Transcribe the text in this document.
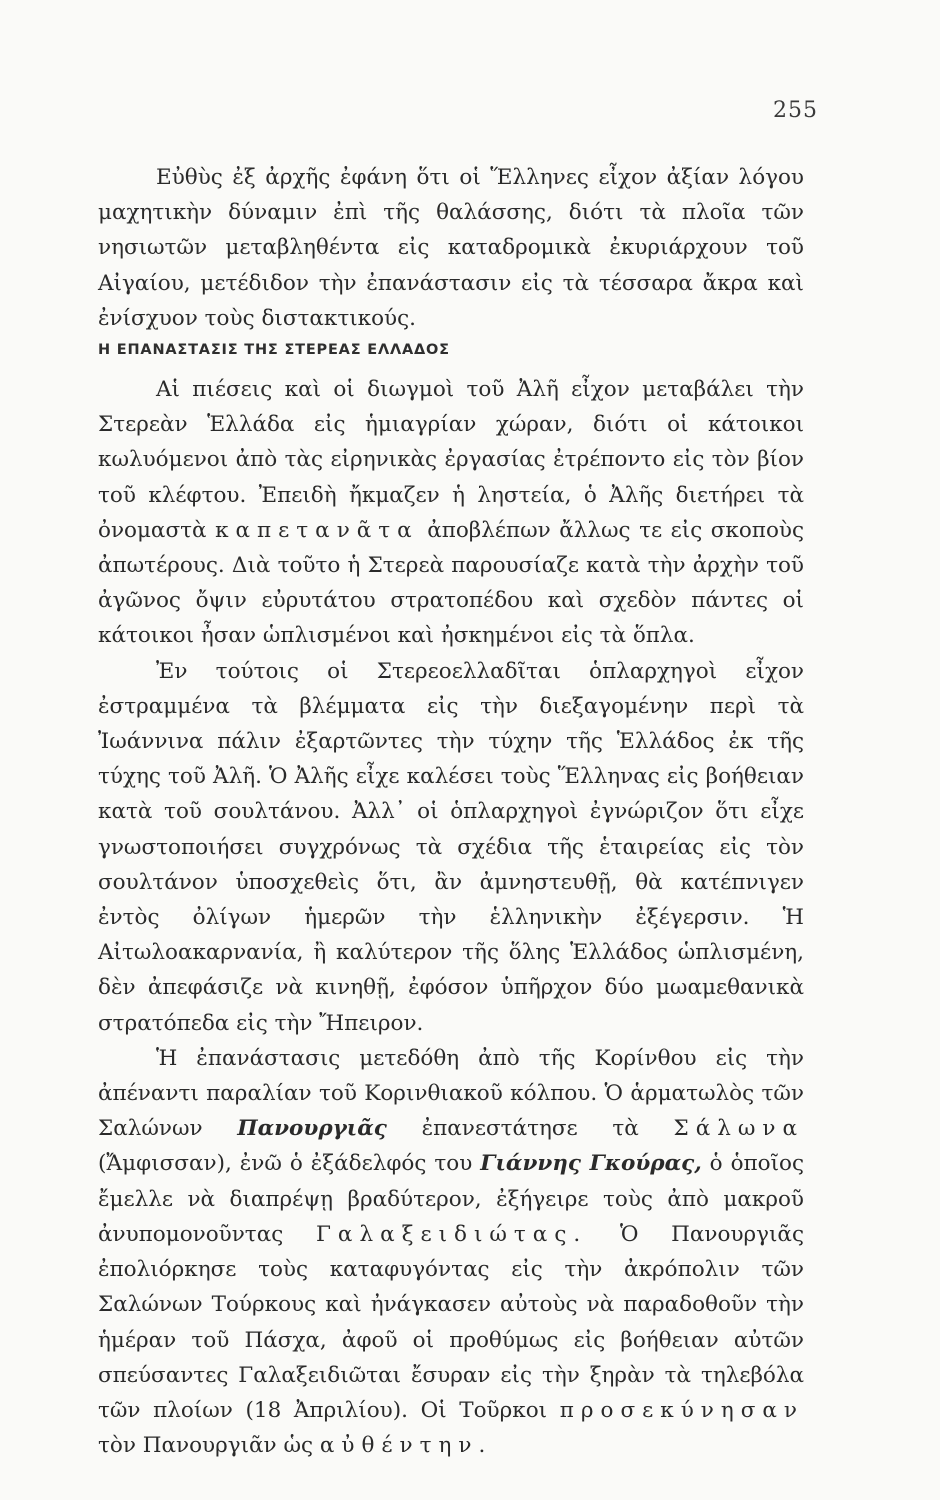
255

Εὐθὺς ἐξ ἀρχῆς ἐφάνη ὅτι οἱ Ἕλληνες εἶχον ἀξίαν λόγου μαχητικὴν δύναμιν ἐπὶ τῆς θαλάσσης, διότι τὰ πλοῖα τῶν νησιωτῶν μεταβληθέντα εἰς καταδρομικὰ ἐκυριάρχουν τοῦ Αἰγαίου, μετέδιδον τὴν ἐπανάστασιν εἰς τὰ τέσσαρα ἄκρα καὶ ἐνίσχυον τοὺς διστακτικούς.

Η ΕΠΑΝΑΣΤΑΣΙΣ ΤΗΣ ΣΤΕΡΕΑΣ ΕΛΛΑΔΟΣ

Αἱ πιέσεις καὶ οἱ διωγμοὶ τοῦ Ἀλῆ εἶχον μεταβάλει τὴν Στερεὰν Ἑλλάδα εἰς ἡμιαγρίαν χώραν, διότι οἱ κάτοικοι κωλυόμενοι ἀπὸ τὰς εἰρηνικὰς ἐργασίας ἐτρέποντο εἰς τὸν βίον τοῦ κλέφτου. Ἐπειδὴ ἤκμαζεν ἡ ληστεία, ὁ Ἀλῆς διετήρει τὰ ὀνομαστὰ καπετανᾶτα ἀποβλέπων ἄλλως τε εἰς σκοποὺς ἀπωτέρους. Διὰ τοῦτο ἡ Στερεὰ παρουσίαζε κατὰ τὴν ἀρχὴν τοῦ ἀγῶνος ὄψιν εὐρυτάτου στρατοπέδου καὶ σχεδὸν πάντες οἱ κάτοικοι ἦσαν ὡπλισμένοι καὶ ἠσκημένοι εἰς τὰ ὅπλα.

Ἐν τούτοις οἱ Στερεοελλαδῖται ὁπλαρχηγοὶ εἶχον ἐστραμμένα τὰ βλέμματα εἰς τὴν διεξαγομένην περὶ τὰ Ἰωάννινα πάλιν ἐξαρτῶντες τὴν τύχην τῆς Ἑλλάδος ἐκ τῆς τύχης τοῦ Ἀλῆ. Ὁ Ἀλῆς εἶχε καλέσει τοὺς Ἕλληνας εἰς βοήθειαν κατὰ τοῦ σουλτάνου. Ἀλλ᾿ οἱ ὁπλαρχηγοὶ ἐγνώριζον ὅτι εἶχε γνωστοποιήσει συγχρόνως τὰ σχέδια τῆς ἑταιρείας εἰς τὸν σουλτάνον ὑποσχεθεὶς ὅτι, ἂν ἀμνηστευθῇ, θὰ κατέπνιγεν ἐντὸς ὀλίγων ἡμερῶν τὴν ἑλληνικὴν ἐξέγερσιν. Ἡ Αἰτωλοακαρνανία, ἢ καλύτερον τῆς ὅλης Ἑλλάδος ὡπλισμένη, δὲν ἀπεφάσιζε νὰ κινηθῇ, ἐφόσον ὑπῆρχον δύο μωαμεθανικὰ στρατόπεδα εἰς τὴν Ἤπειρον.

Ἡ ἐπανάστασις μετεδόθη ἀπὸ τῆς Κορίνθου εἰς τὴν ἀπέναντι παραλίαν τοῦ Κορινθιακοῦ κόλπου. Ὁ ἁρματωλὸς τῶν Σαλώνων Πανουργιᾶς ἐπανεστάτησε τὰ Σάλωνα (Ἄμφισσαν), ἐνῶ ὁ ἐξάδελφός του Γιάννης Γκούρας, ὁ ὁποῖος ἔμελλε νὰ διαπρέψῃ βραδύτερον, ἐξήγειρε τοὺς ἀπὸ μακροῦ ἀνυπομονοῦντας Γαλαξειδιώτας. Ὁ Πανουργιᾶς ἐπολιόρκησε τοὺς καταφυγόντας εἰς τὴν ἀκρόπολιν τῶν Σαλώνων Τούρκους καὶ ἠνάγκασεν αὐτοὺς νὰ παραδοθοῦν τὴν ἡμέραν τοῦ Πάσχα, ἀφοῦ οἱ προθύμως εἰς βοήθειαν αὐτῶν σπεύσαντες Γαλαξειδιῶται ἔσυραν εἰς τὴν ξηρὰν τὰ τηλεβόλα τῶν πλοίων (18 Ἀπριλίου). Οἱ Τοῦρκοι προσεκύνησαν τὸν Πανουργιᾶν ὡς αὐθέντην.
